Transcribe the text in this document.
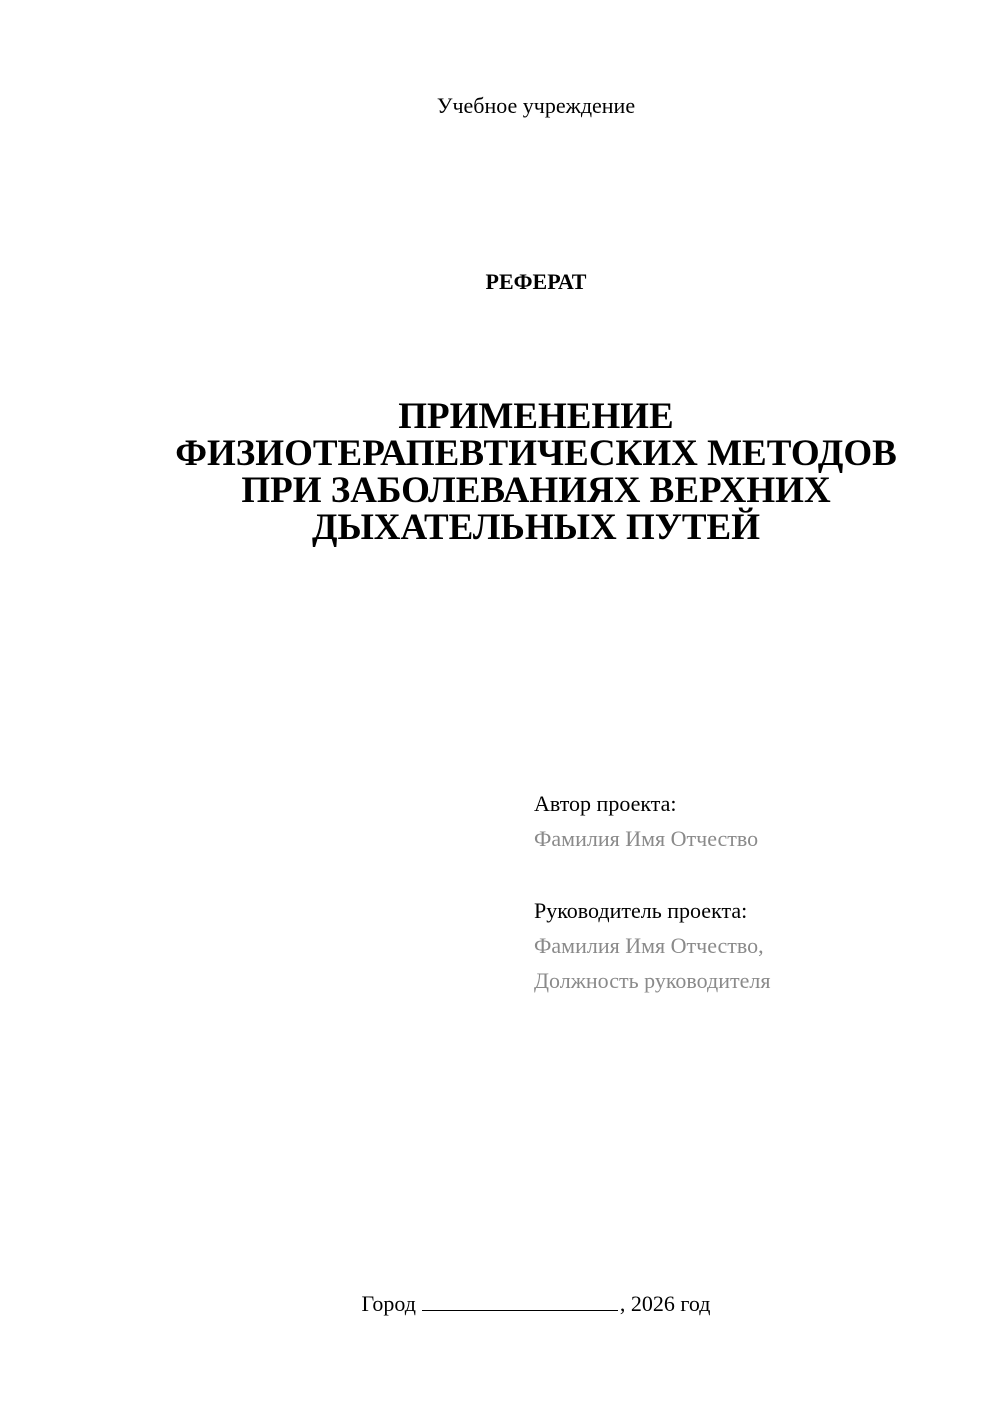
Учебное учреждение
РЕФЕРАТ
ПРИМЕНЕНИЕ
ФИЗИОТЕРАПЕВТИЧЕСКИХ МЕТОДОВ
ПРИ ЗАБОЛЕВАНИЯХ ВЕРХНИХ
ДЫХАТЕЛЬНЫХ ПУТЕЙ
Автор проекта:
Фамилия Имя Отчество
Руководитель проекта:
Фамилия Имя Отчество,
Должность руководителя
Город	, 2026 год
